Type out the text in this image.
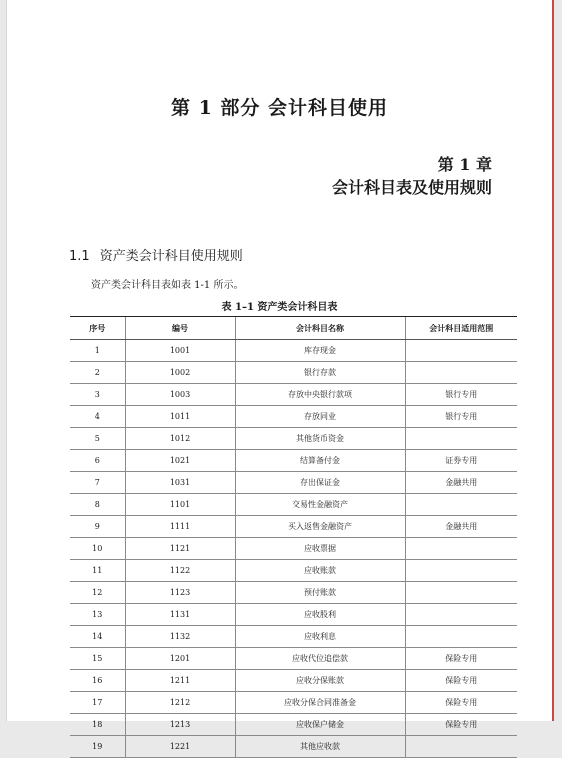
第 1 部分 会计科目使用
第 1 章
会计科目表及使用规则
1.1 资产类会计科目使用规则
资产类会计科目表如表 1-1 所示。
表 1–1 资产类会计科目表
序号	编号	会计科目名称	会计科目适用范围
1	1001	库存现金	
2	1002	银行存款	
3	1003	存放中央银行款项	银行专用
4	1011	存放同业	银行专用
5	1012	其他货币资金	
6	1021	结算备付金	证券专用
7	1031	存出保证金	金融共用
8	1101	交易性金融资产	
9	1111	买入返售金融资产	金融共用
10	1121	应收票据	
11	1122	应收账款	
12	1123	预付账款	
13	1131	应收股利	
14	1132	应收利息	
15	1201	应收代位追偿款	保险专用
16	1211	应收分保账款	保险专用
17	1212	应收分保合同准备金	保险专用
18	1213	应收保户储金	保险专用
19	1221	其他应收款	
